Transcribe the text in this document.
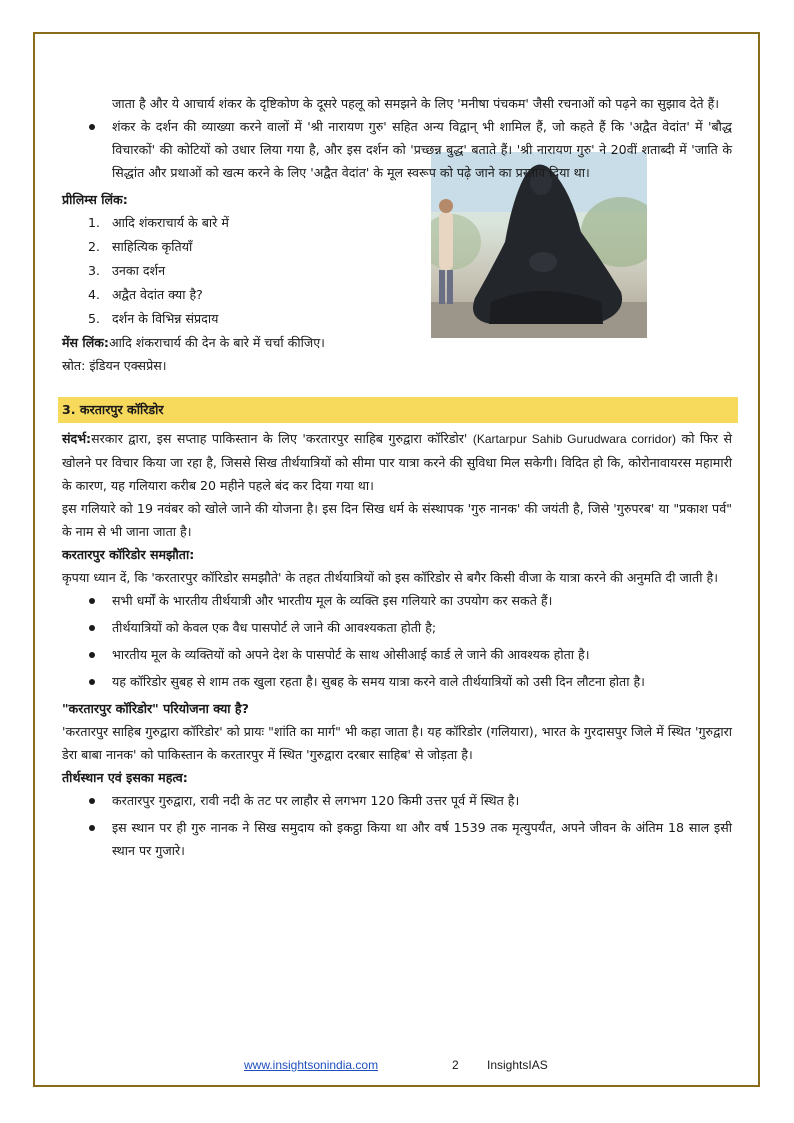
जाता है और ये आचार्य शंकर के दृष्टिकोण के दूसरे पहलू को समझने के लिए 'मनीषा पंचकम' जैसी रचनाओं को पढ़ने का सुझाव देते हैं।

शंकर के दर्शन की व्याख्या करने वालों में 'श्री नारायण गुरु' सहित अन्य विद्वान् भी शामिल हैं, जो कहते हैं कि 'अद्वैत वेदांत' में 'बौद्ध विचारकों' की कोटियों को उधार लिया गया है, और इस दर्शन को 'प्रच्छन्न बुद्ध' बताते हैं। 'श्री नारायण गुरु' ने 20वीं शताब्दी में 'जाति के सिद्धांत और प्रथाओं को खत्म करने के लिए 'अद्वैत वेदांत' के मूल स्वरूप को पढ़े जाने का प्रस्ताव दिया था।
प्रीलिम्स लिंक:
1. आदि शंकराचार्य के बारे में
2. साहित्यिक कृतियाँ
3. उनका दर्शन
4. अद्वैत वेदांत क्या है?
5. दर्शन के विभिन्न संप्रदाय

मेंस लिंक:आदि शंकराचार्य की देन के बारे में चर्चा कीजिए।

स्रोत: इंडियन एक्सप्रेस।

3. करतारपुर कॉरिडोर

संदर्भ:सरकार द्वारा, इस सप्ताह पाकिस्तान के लिए 'करतारपुर साहिब गुरुद्वारा कॉरिडोर' (Kartarpur Sahib Gurudwara corridor) को फिर से खोलने पर विचार किया जा रहा है, जिससे सिख तीर्थयात्रियों को सीमा पार यात्रा करने की सुविधा मिल सकेगी। विदित हो कि, कोरोनावायरस महामारी के कारण, यह गलियारा करीब 20 महीने पहले बंद कर दिया गया था।

इस गलियारे को 19 नवंबर को खोले जाने की योजना है। इस दिन सिख धर्म के संस्थापक 'गुरु नानक' की जयंती है, जिसे 'गुरुपरब' या "प्रकाश पर्व" के नाम से भी जाना जाता है।

करतारपुर कॉरिडोर समझौता:

कृपया ध्यान दें, कि 'करतारपुर कॉरिडोर समझौते' के तहत तीर्थयात्रियों को इस कॉरिडोर से बगैर किसी वीजा के यात्रा करने की अनुमति दी जाती है।

सभी धर्मों के भारतीय तीर्थयात्री और भारतीय मूल के व्यक्ति इस गलियारे का उपयोग कर सकते हैं।
तीर्थयात्रियों को केवल एक वैध पासपोर्ट ले जाने की आवश्यकता होती है;
भारतीय मूल के व्यक्तियों को अपने देश के पासपोर्ट के साथ ओसीआई कार्ड ले जाने की आवश्यक होता है।
यह कॉरिडोर सुबह से शाम तक खुला रहता है। सुबह के समय यात्रा करने वाले तीर्थयात्रियों को उसी दिन लौटना होता है।
"करतारपुर कॉरिडोर" परियोजना क्या है?

'करतारपुर साहिब गुरुद्वारा कॉरिडोर' को प्रायः "शांति का मार्ग" भी कहा जाता है। यह कॉरिडोर (गलियारा), भारत के गुरदासपुर जिले में स्थित 'गुरुद्वारा डेरा बाबा नानक' को पाकिस्तान के करतारपुर में स्थित 'गुरुद्वारा दरबार साहिब' से जोड़ता है।

तीर्थस्थान एवं इसका महत्व:
करतारपुर गुरुद्वारा, रावी नदी के तट पर लाहौर से लगभग 120 किमी उत्तर पूर्व में स्थित है।
इस स्थान पर ही गुरु नानक ने सिख समुदाय को इकट्ठा किया था और वर्ष 1539 तक मृत्युपर्यंत, अपने जीवन के अंतिम 18 साल इसी स्थान पर गुजारे।
www.insightsonindia.com	2 InsightsIAS
